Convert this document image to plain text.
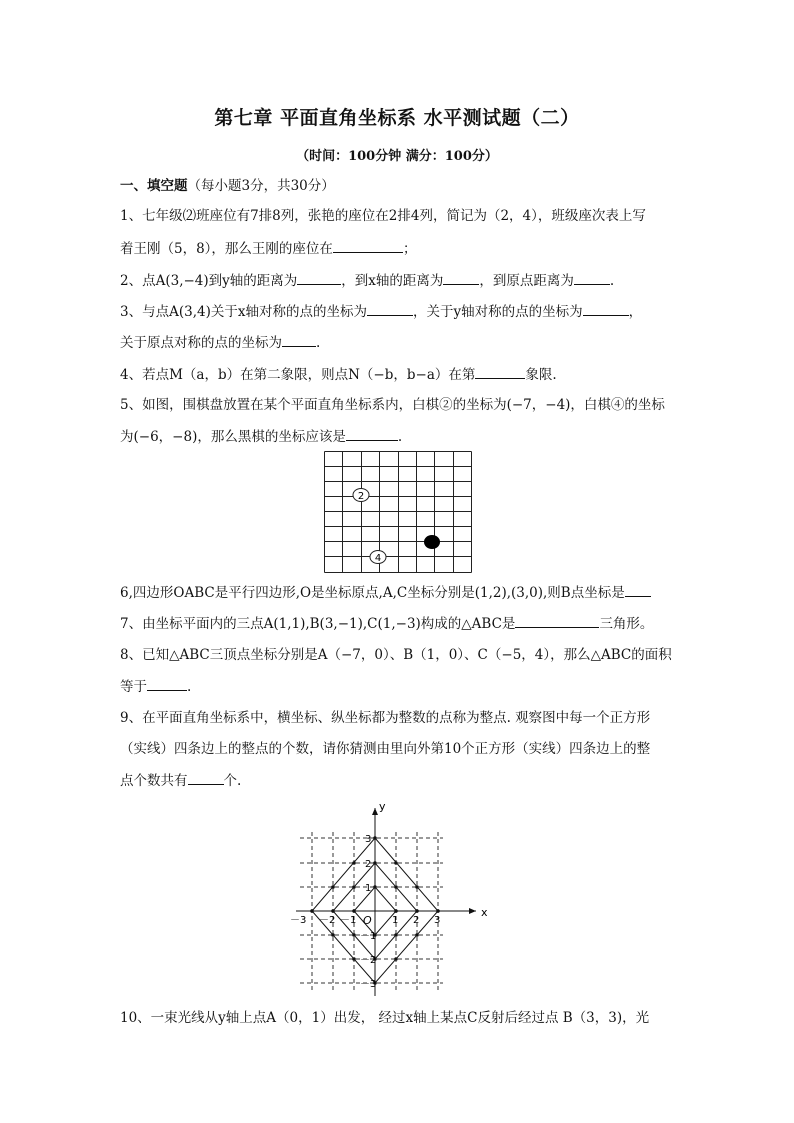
第七章 平面直角坐标系 水平测试题（二）
（时间：100分钟 满分：100分）
一、填空题（每小题3分，共30分）
1、七年级⑵班座位有7排8列，张艳的座位在2排4列，简记为（2，4），班级座次表上写
着王刚（5，8），那么王刚的座位在	；
2、点A(3,−4)到y轴的距离为	，到x轴的距离为	，到原点距离为	.
3、与点A(3,4)关于x轴对称的点的坐标为	，关于y轴对称的点的坐标为	，
关于原点对称的点的坐标为	.
4、若点M（a，b）在第二象限，则点N（−b，b−a）在第	象限.
5、如图，围棋盘放置在某个平面直角坐标系内，白棋②的坐标为(−7，−4)，白棋④的坐标
为(−6，−8)，那么黑棋的坐标应该是	.
2
4
6,四边形OABC是平行四边形,O是坐标原点,A,C坐标分别是(1,2),(3,0),则B点坐标是
7、由坐标平面内的三点A(1,1),B(3,−1),C(1,−3)构成的△ABC是	三角形。
8、已知△ABC三顶点坐标分别是A（−7，0）、B（1，0）、C（−5，4），那么△ABC的面积
等于	.
9、在平面直角坐标系中，横坐标、纵坐标都为整数的点称为整点. 观察图中每一个正方形
（实线）四条边上的整点的个数，请你猜测由里向外第10个正方形（实线）四条边上的整
点个数共有	个.
x
y
O
－3 －2 －1	1 2 3
3
2
1
－1
－2
－3
10、一束光线从y轴上点A（0，1）出发， 经过x轴上某点C反射后经过点 B（3，3)，光
